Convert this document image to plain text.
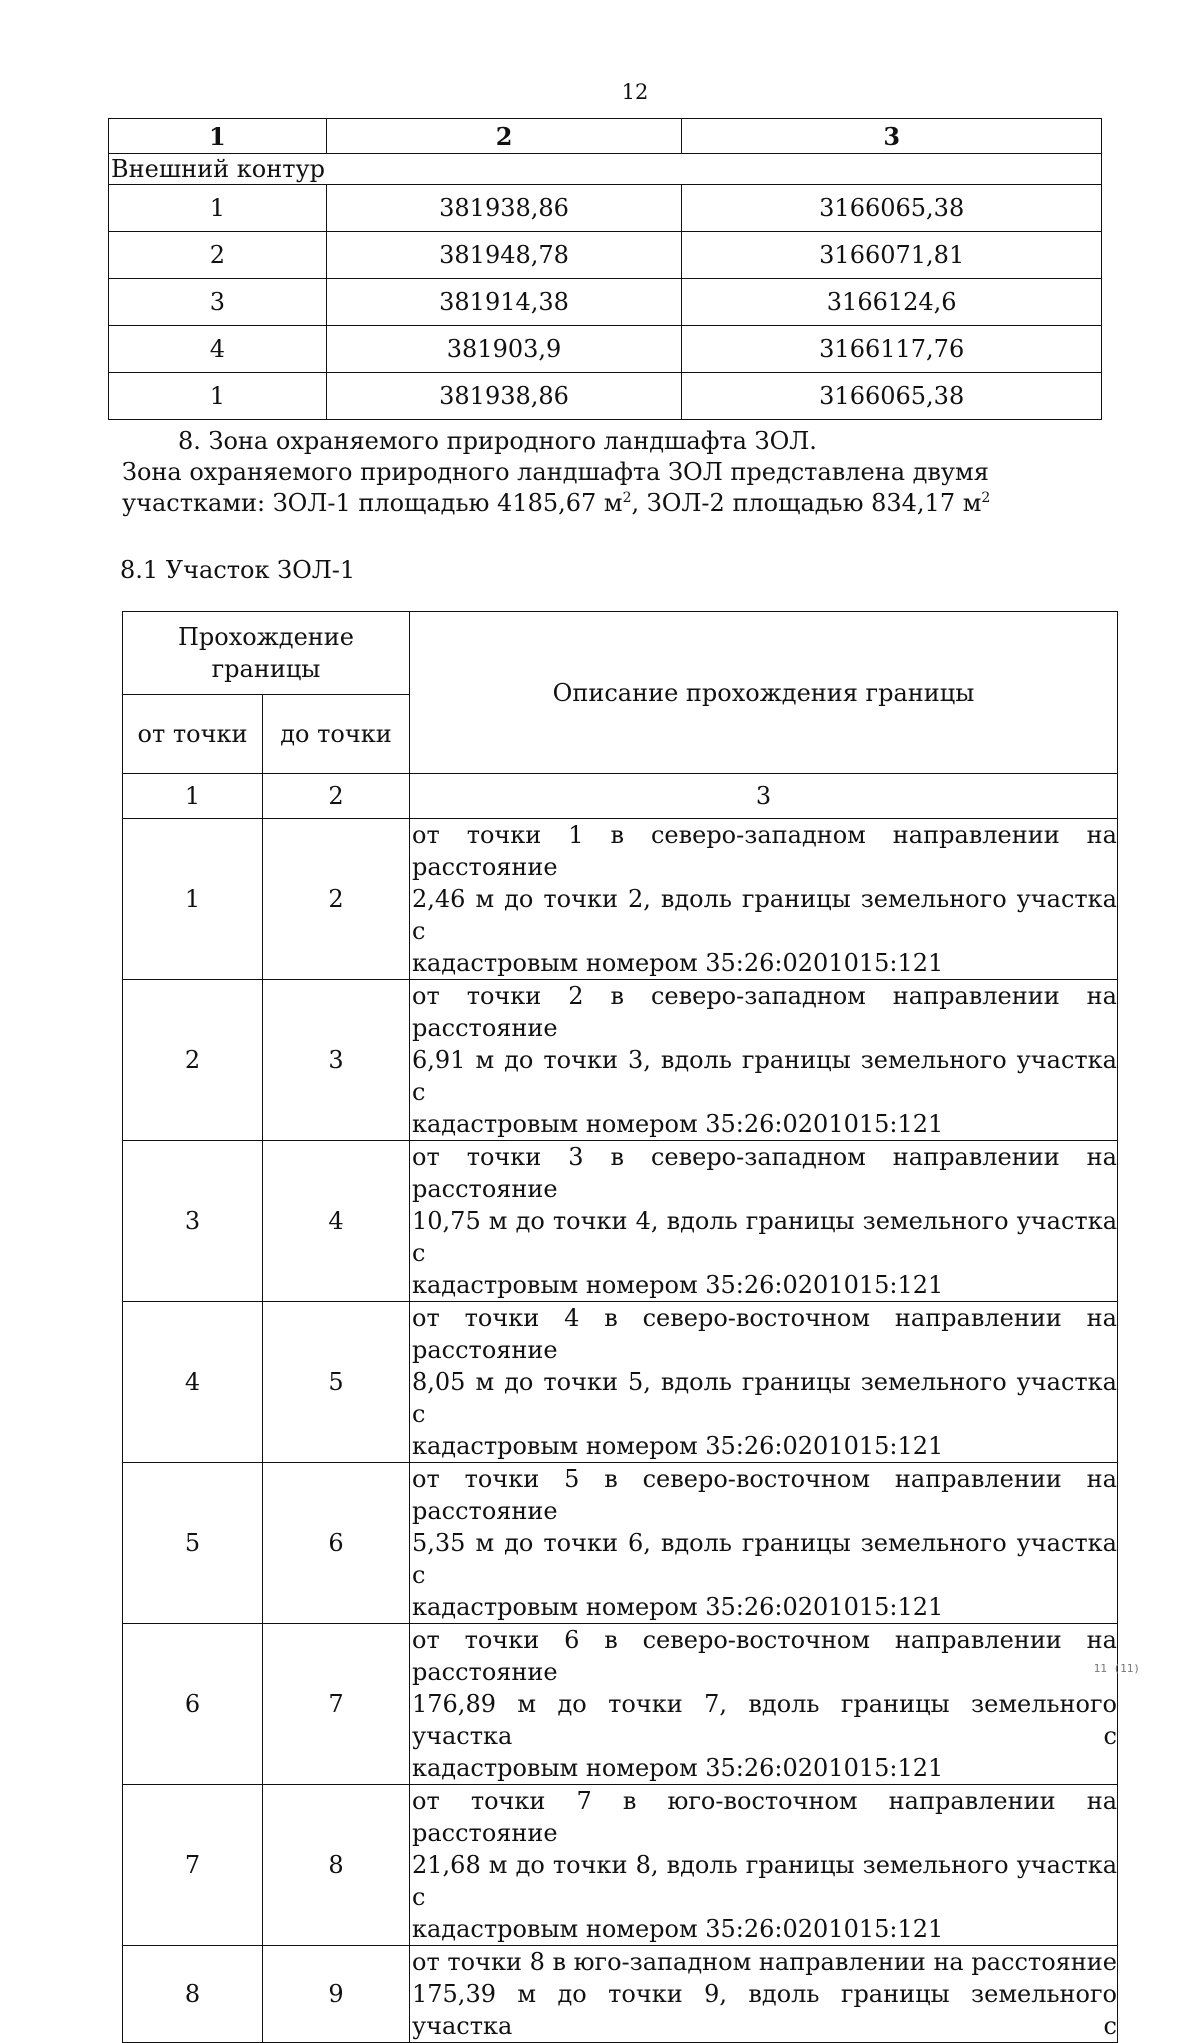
12
1	2	3
Внешний контур		
1	381938,86	3166065,38
2	381948,78	3166071,81
3	381914,38	3166124,6
4	381903,9	3166117,76
1	381938,86	3166065,38

8. Зона охраняемого природного ландшафта ЗОЛ.

Зона охраняемого природного ландшафта ЗОЛ представлена двумя участками: ЗОЛ-1 площадью 4185,67 $м^2$, ЗОЛ-2 площадью 834,17 $м^2$

8.1 Участок ЗОЛ-1

Прохождение границы		Описание прохождения границы
от точки	до точки	
1	2	3
1	2	от точки 1 в северо-западном направлении на расстояние
2,46 м до точки 2, вдоль границы земельного участка с
кадастровым номером 35:26:0201015:121

2	3	от точки 2 в северо-западном направлении на расстояние
6,91 м до точки 3, вдоль границы земельного участка с
кадастровым номером 35:26:0201015:121

3	4	от точки 3 в северо-западном направлении на расстояние
10,75 м до точки 4, вдоль границы земельного участка с
кадастровым номером 35:26:0201015:121

4	5	от точки 4 в северо-восточном направлении на расстояние
8,05 м до точки 5, вдоль границы земельного участка с
кадастровым номером 35:26:0201015:121

5	6	от точки 5 в северо-восточном направлении на расстояние
5,35 м до точки 6, вдоль границы земельного участка с
кадастровым номером 35:26:0201015:121

6	7	от точки 6 в северо-восточном направлении на расстояние
176,89 м до точки 7, вдоль границы земельного участка с
кадастровым номером 35:26:0201015:121

7	8	от точки 7 в юго-восточном направлении на расстояние
21,68 м до точки 8, вдоль границы земельного участка с
кадастровым номером 35:26:0201015:121

8	9	от точки 8 в юго-западном направлении на расстояние
175,39 м до точки 9, вдоль границы земельного участка с
11 (11)
